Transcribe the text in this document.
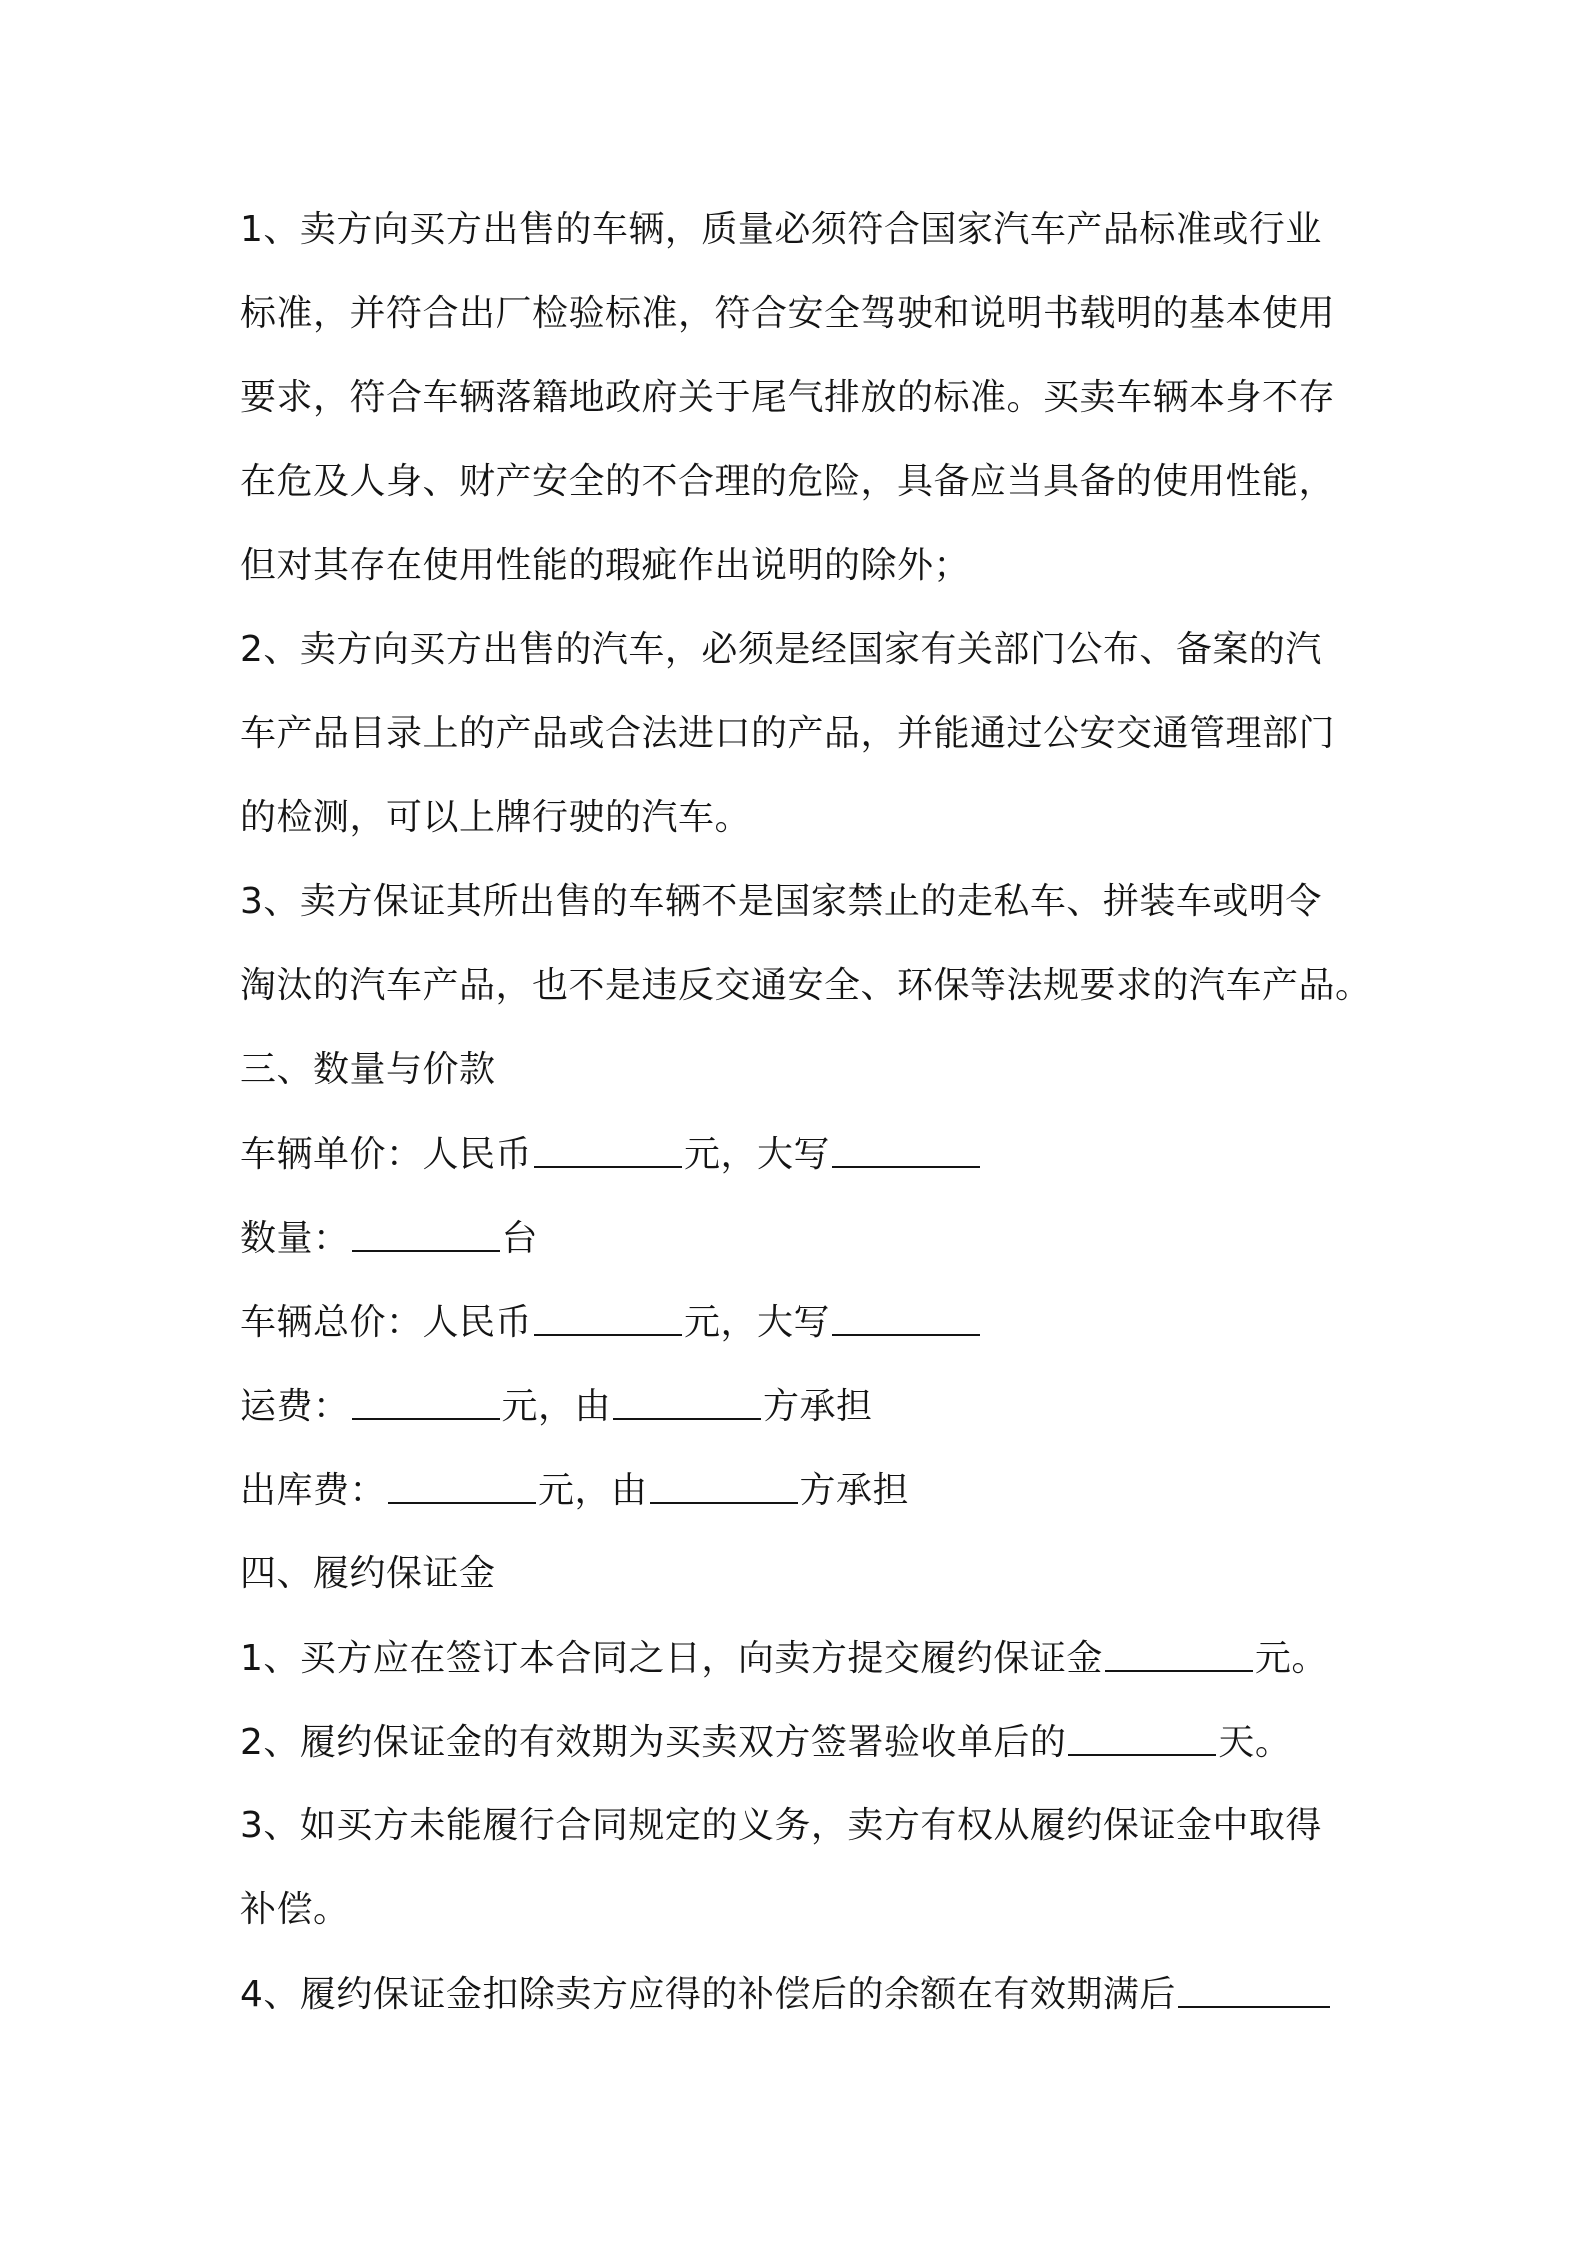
1、卖方向买方出售的车辆，质量必须符合国家汽车产品标准或行业
标准，并符合出厂检验标准，符合安全驾驶和说明书载明的基本使用
要求，符合车辆落籍地政府关于尾气排放的标准。买卖车辆本身不存
在危及人身、财产安全的不合理的危险，具备应当具备的使用性能，
但对其存在使用性能的瑕疵作出说明的除外；
2、卖方向买方出售的汽车，必须是经国家有关部门公布、备案的汽
车产品目录上的产品或合法进口的产品，并能通过公安交通管理部门
的检测，可以上牌行驶的汽车。
3、卖方保证其所出售的车辆不是国家禁止的走私车、拼装车或明令
淘汰的汽车产品，也不是违反交通安全、环保等法规要求的汽车产品。
三、数量与价款
车辆单价：人民币	元，大写
数量：	台
车辆总价：人民币	元，大写
运费：	元，由	方承担
出库费：	元，由	方承担
四、履约保证金
1、买方应在签订本合同之日，向卖方提交履约保证金	元。
2、履约保证金的有效期为买卖双方签署验收单后的	天。
3、如买方未能履行合同规定的义务，卖方有权从履约保证金中取得
补偿。
4、履约保证金扣除卖方应得的补偿后的余额在有效期满后
